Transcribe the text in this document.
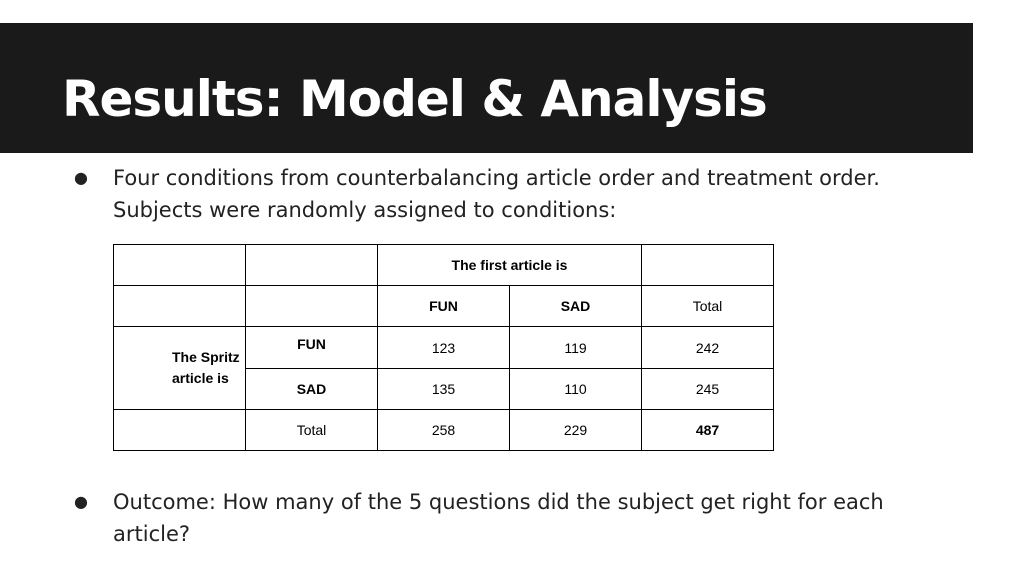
Results: Model & Analysis
● Four conditions from counterbalancing article order and treatment order. Subjects were randomly assigned to conditions:
		The first article is		
		FUN	SAD	Total
The Spritz article is	FUN	123	119	242
	SAD	135	110	245
	Total	258	229	487
● Outcome: How many of the 5 questions did the subject get right for each article?
